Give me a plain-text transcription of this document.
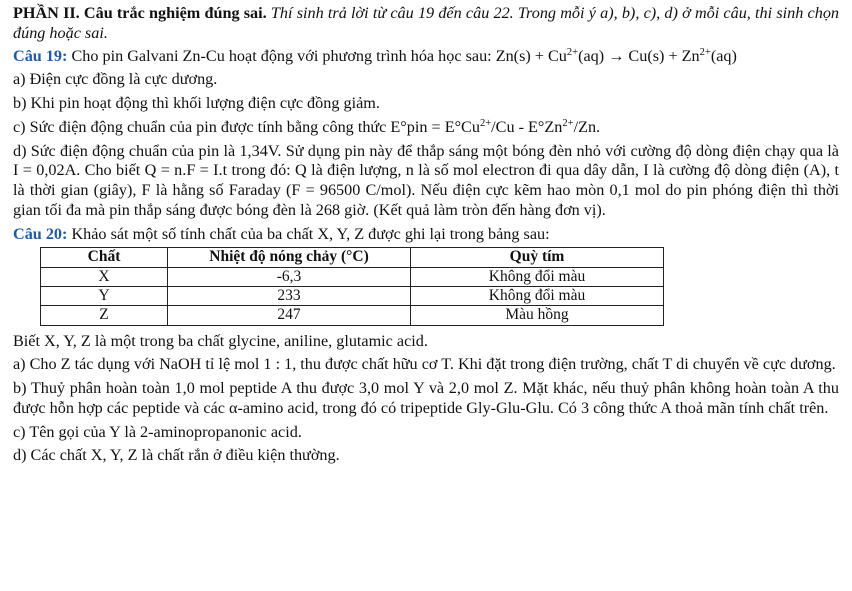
PHẦN II. Câu trắc nghiệm đúng sai. Thí sinh trả lời từ câu 19 đến câu 22. Trong mỗi ý a), b), c), d) ở mỗi câu, thi sinh chọn đúng hoặc sai.

Câu 19: Cho pin Galvani Zn-Cu hoạt động với phương trình hóa học sau: $Zn(s) + Cu^{2+}(aq) \to Cu(s) + Zn^{2+}(aq)$

a) Điện cực đồng là cực dương.

b) Khi pin hoạt động thì khối lượng điện cực đồng giảm.

c) Sức điện động chuẩn của pin được tính bằng công thức $E^\circ pin = E^\circ Cu^{2+}/Cu - E^\circ Zn^{2+}/Zn$.

d) Sức điện động chuẩn của pin là 1,34V. Sử dụng pin này để thắp sáng một bóng đèn nhỏ với cường độ dòng điện chạy qua là I = 0,02A. Cho biết Q = n.F = I.t trong đó: Q là điện lượng, n là số mol electron đi qua dây dẫn, I là cường độ dòng điện (A), t là thời gian (giây), F là hằng số Faraday (F = 96500 C/mol). Nếu điện cực kẽm hao mòn 0,1 mol do pin phóng điện thì thời gian tối đa mà pin thắp sáng được bóng đèn là 268 giờ. (Kết quả làm tròn đến hàng đơn vị).

Câu 20: Khảo sát một số tính chất của ba chất X, Y, Z được ghi lại trong bảng sau:

Chất	Nhiệt độ nóng chảy (°C)	Quỳ tím
X	-6,3	Không đổi màu
Y	233	Không đổi màu
Z	247	Màu hồng

Biết X, Y, Z là một trong ba chất glycine, aniline, glutamic acid.

a) Cho Z tác dụng với NaOH tỉ lệ mol 1 : 1, thu được chất hữu cơ T. Khi đặt trong điện trường, chất T di chuyển về cực dương.

b) Thuỷ phân hoàn toàn 1,0 mol peptide A thu được 3,0 mol Y và 2,0 mol Z. Mặt khác, nếu thuỷ phân không hoàn toàn A thu được hỗn hợp các peptide và các α-amino acid, trong đó có tripeptide Gly-Glu-Glu. Có 3 công thức A thoả mãn tính chất trên.

c) Tên gọi của Y là 2-aminopropanonic acid.

d) Các chất X, Y, Z là chất rắn ở điều kiện thường.
